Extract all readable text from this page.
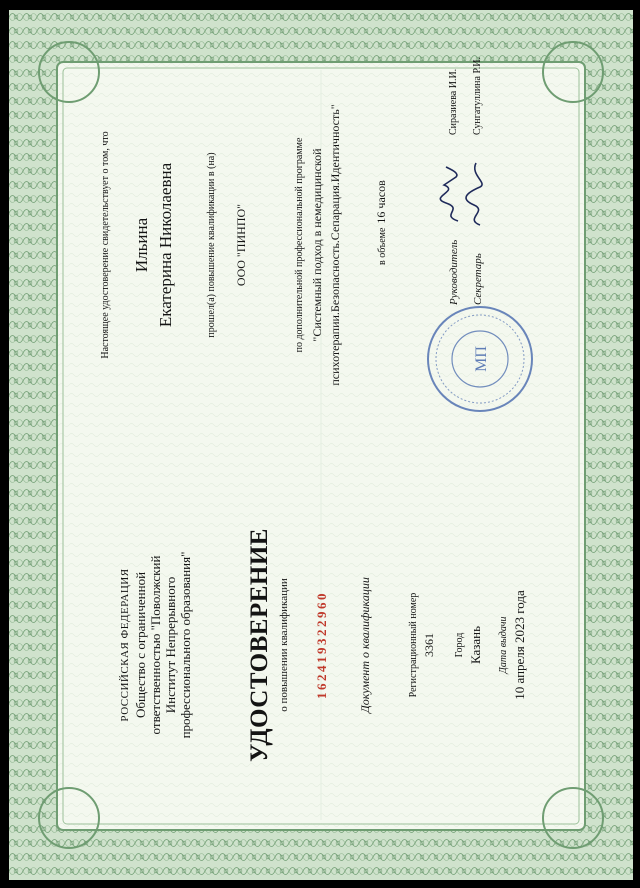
РОССИЙСКАЯ ФЕДЕРАЦИЯ Общество с ограниченной ответственностью "Поволжский Институт Непрерывного профессионального образования" УДОСТОВЕРЕНИЕ о повышении квалификации 162419322960 Документ о квалификации	Регистрационный номер 3361 Город Казань Дата выдачи 10 апреля 2023 года
Настоящее удостоверение свидетельствует о том, что Ильина Екатерина Николаевна	прошел(а) повышение квалификации в (на) ООО "ПИНПО"	по дополнительной профессиональной программе "Системный подход в немедицинской психотерапии.Безопасность.Сепарация.Идентичность"	в объеме16 часов
Руководитель Секретарь
Сиразиева И.И. Сунгатуллина Р.И.
МП
